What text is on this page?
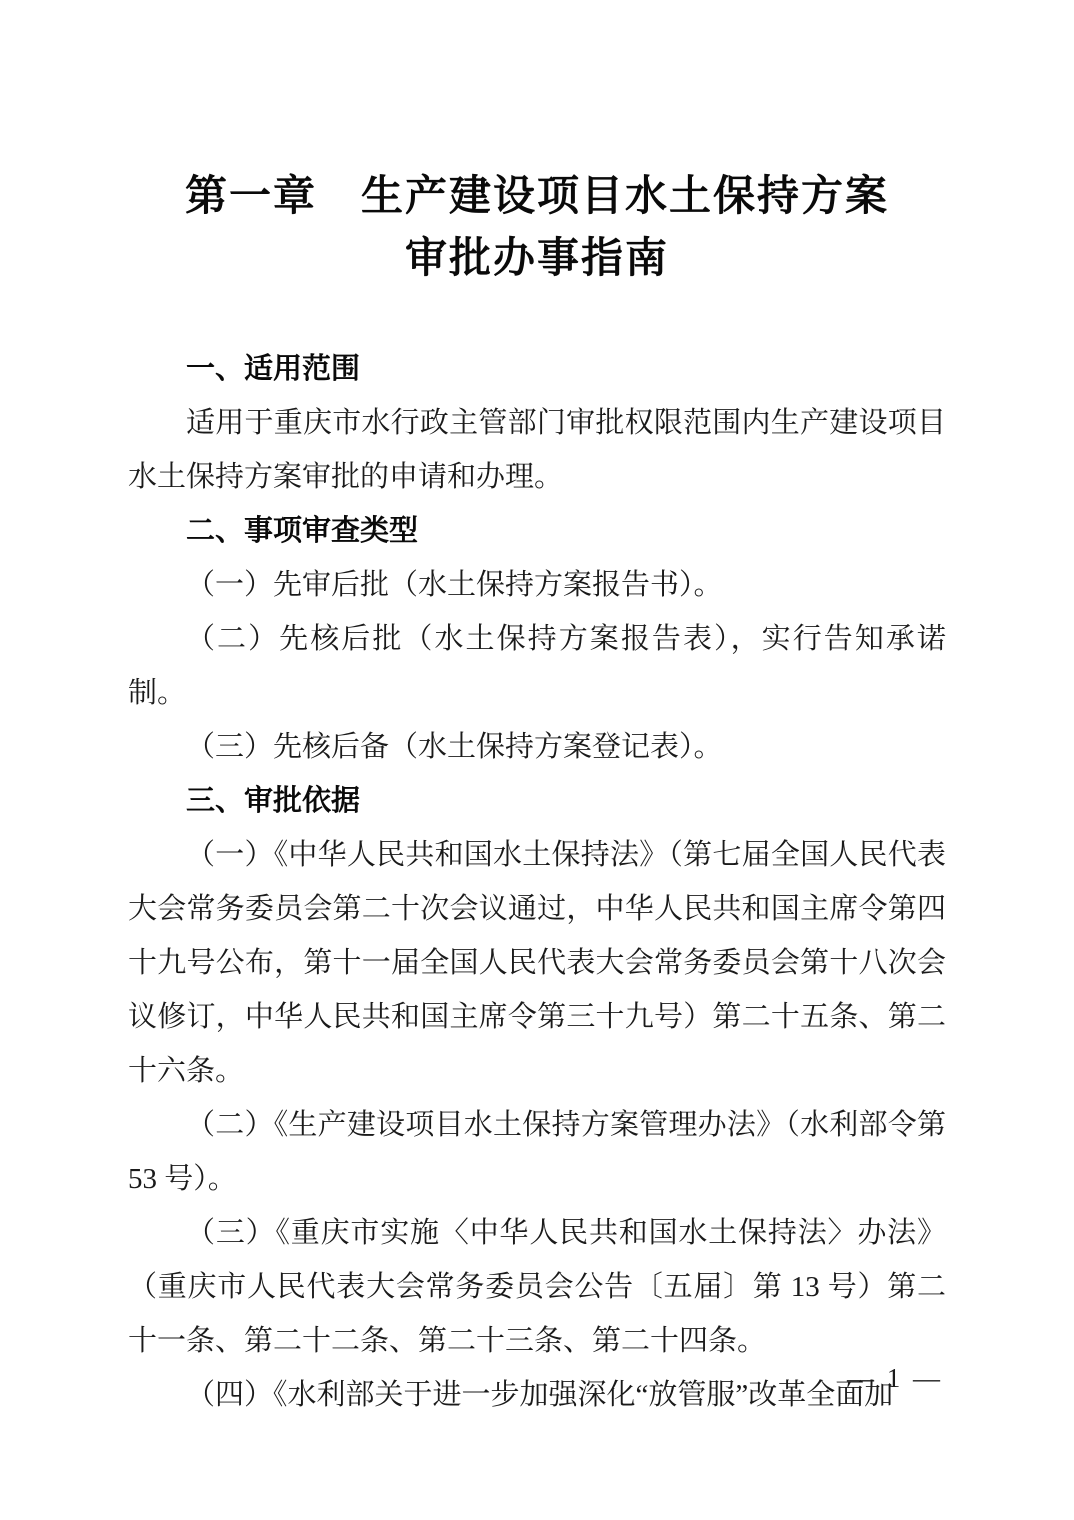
第一章　生产建设项目水土保持方案
审批办事指南

一、适用范围

适用于重庆市水行政主管部门审批权限范围内生产建设项目水土保持方案审批的申请和办理。

二、事项审查类型

（一）先审后批（水土保持方案报告书）。

（二）先核后批（水土保持方案报告表），实行告知承诺制。

（三）先核后备（水土保持方案登记表）。

三、审批依据

（一）《中华人民共和国水土保持法》（第七届全国人民代表大会常务委员会第二十次会议通过，中华人民共和国主席令第四十九号公布，第十一届全国人民代表大会常务委员会第十八次会议修订，中华人民共和国主席令第三十九号）第二十五条、第二十六条。

（二）《生产建设项目水土保持方案管理办法》（水利部令第 53 号）。

（三）《重庆市实施〈中华人民共和国水土保持法〉办法》（重庆市人民代表大会常务委员会公告〔五届〕第 13 号）第二十一条、第二十二条、第二十三条、第二十四条。

（四）《水利部关于进一步加强深化“放管服”改革全面加

— 1 —
